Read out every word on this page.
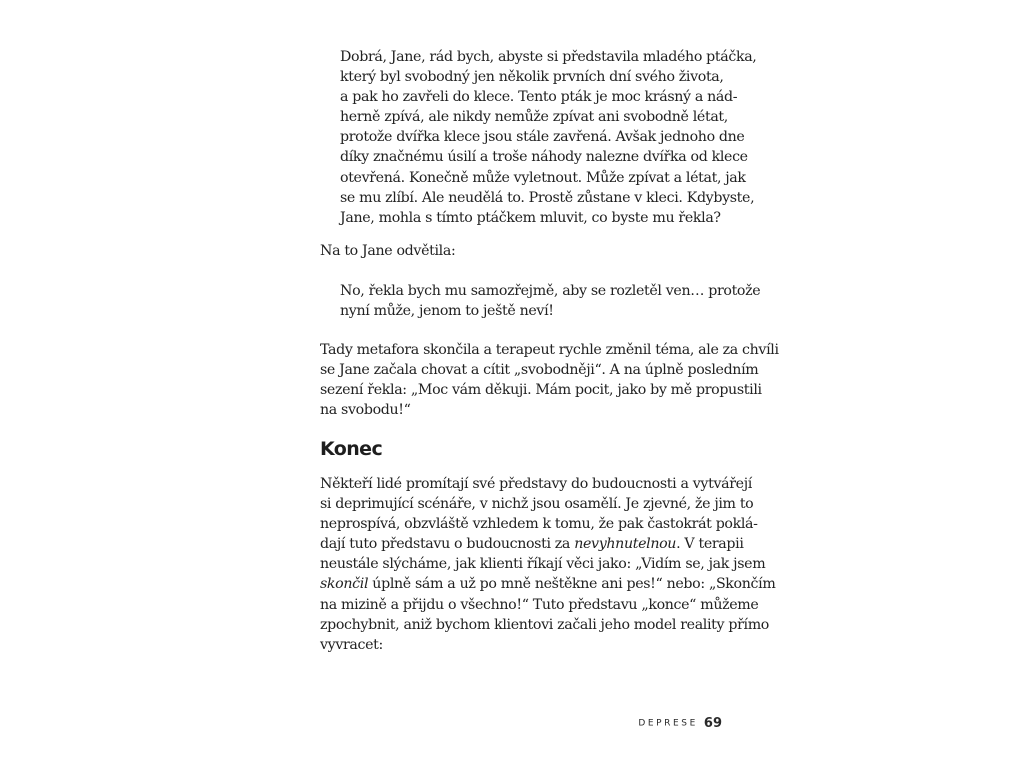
Dobrá, Jane, rád bych, abyste si představila mladého ptáčka,
který byl svobodný jen několik prvních dní svého života,
a pak ho zavřeli do klece. Tento pták je moc krásný a nád-
herně zpívá, ale nikdy nemůže zpívat ani svobodně létat,
protože dvířka klece jsou stále zavřená. Avšak jednoho dne
díky značnému úsilí a troše náhody nalezne dvířka od klece
otevřená. Konečně může vyletnout. Může zpívat a létat, jak
se mu zlíbí. Ale neudělá to. Prostě zůstane v kleci. Kdybyste,
Jane, mohla s tímto ptáčkem mluvit, co byste mu řekla?
Na to Jane odvětila:
No, řekla bych mu samozřejmě, aby se rozletěl ven… protože
nyní může, jenom to ještě neví!
Tady metafora skončila a terapeut rychle změnil téma, ale za chvíli
se Jane začala chovat a cítit „svobodněji“. A na úplně posledním
sezení řekla: „Moc vám děkuji. Mám pocit, jako by mě propustili
na svobodu!“
Konec
Někteří lidé promítají své představy do budoucnosti a vytvářejí
si deprimující scénáře, v nichž jsou osamělí. Je zjevné, že jim to
neprospívá, obzvláště vzhledem k tomu, že pak častokrát poklá-
dají tuto představu o budoucnosti za nevyhnutelnou. V terapii
neustále slýcháme, jak klienti říkají věci jako: „Vidím se, jak jsem
skončil úplně sám a už po mně neštěkne ani pes!“ nebo: „Skončím
na mizině a přijdu o všechno!“ Tuto představu „konce“ můžeme
zpochybnit, aniž bychom klientovi začali jeho model reality přímo
vyvracet:
DEPRESE 69
